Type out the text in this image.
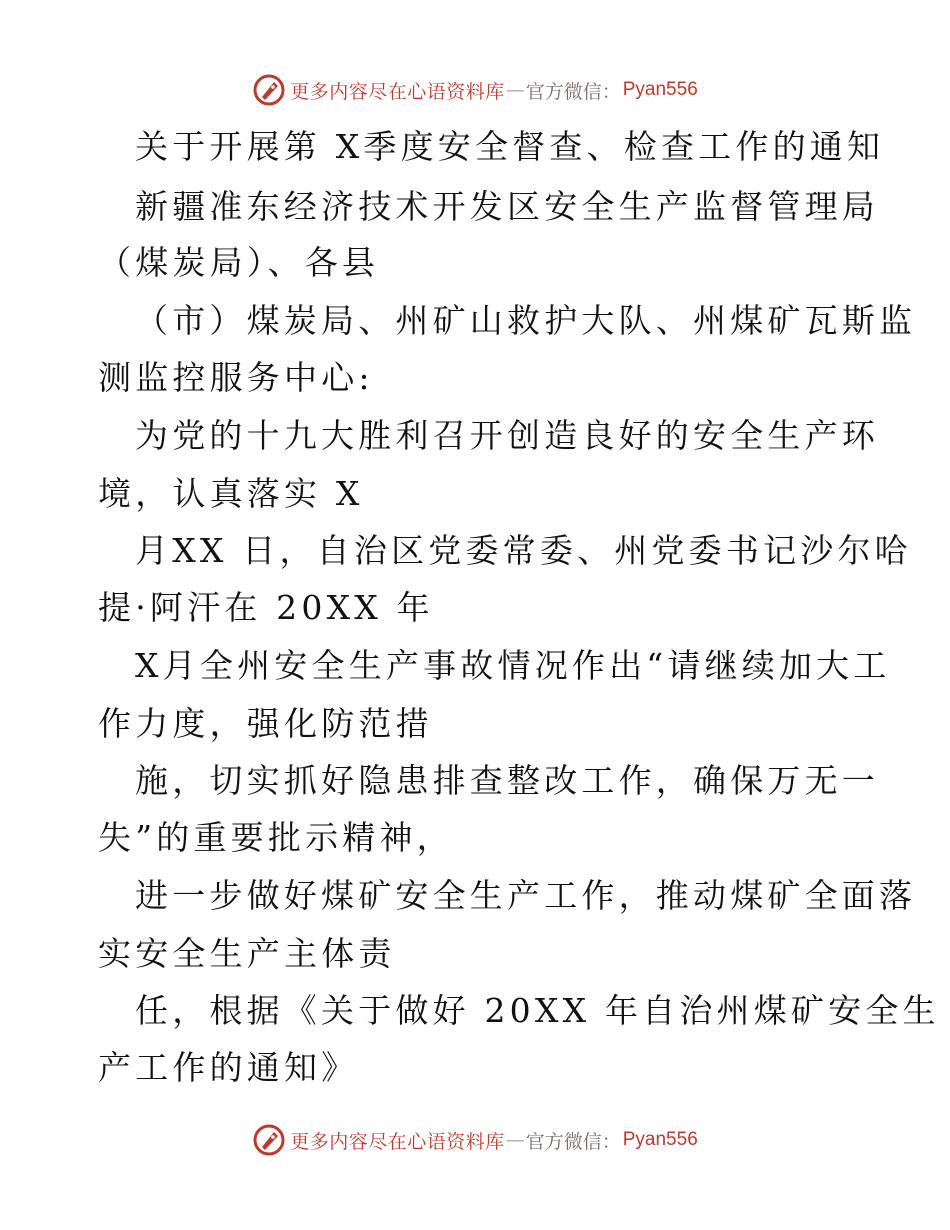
更多内容尽在心语资料库 — 官方微信： Pyan556
关于开展第 X季度安全督查、检查工作的通知
新疆准东经济技术开发区安全生产监督管理局
（煤炭局）、各县
（市）煤炭局、州矿山救护大队、州煤矿瓦斯监
测监控服务中心:
为党的十九大胜利召开创造良好的安全生产环
境，认真落实 X
月XX 日，自治区党委常委、州党委书记沙尔哈
提·阿汗在 20XX 年
X月全州安全生产事故情况作出“请继续加大工
作力度，强化防范措
施，切实抓好隐患排查整改工作，确保万无一
失”的重要批示精神，
进一步做好煤矿安全生产工作，推动煤矿全面落
实安全生产主体责
任，根据《关于做好 20XX 年自治州煤矿安全生
产工作的通知》
更多内容尽在心语资料库 — 官方微信： Pyan556
